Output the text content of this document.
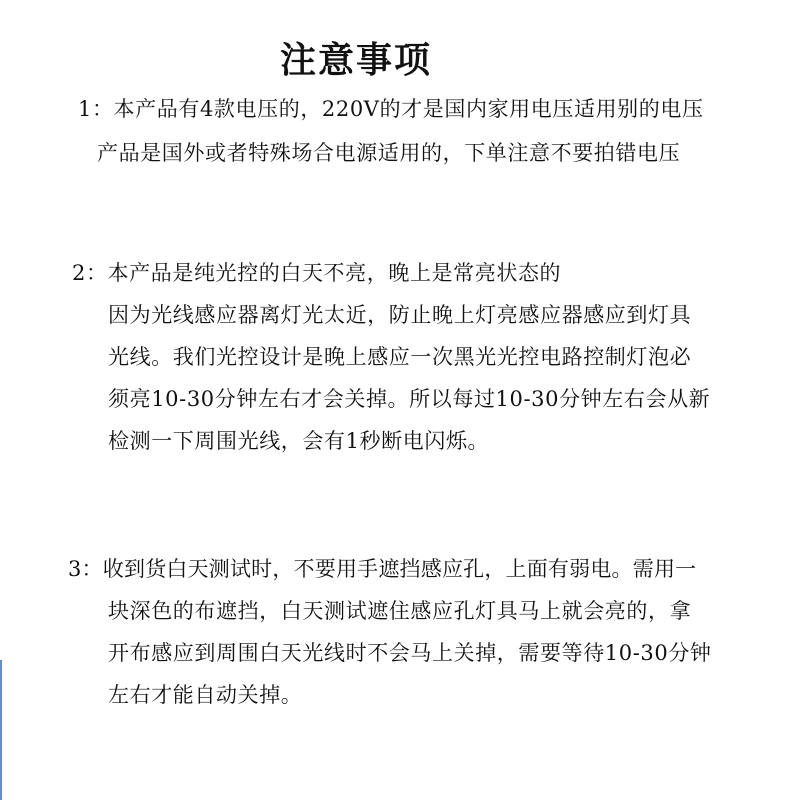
注意事项
1：本产品有4款电压的，220V的才是国内家用电压适用别的电压
产品是国外或者特殊场合电源适用的，下单注意不要拍错电压
2：本产品是纯光控的白天不亮，晚上是常亮状态的
因为光线感应器离灯光太近，防止晚上灯亮感应器感应到灯具
光线。我们光控设计是晚上感应一次黑光光控电路控制灯泡必
须亮10-30分钟左右才会关掉。所以每过10-30分钟左右会从新
检测一下周围光线，会有1秒断电闪烁。
3：收到货白天测试时，不要用手遮挡感应孔，上面有弱电。需用一
块深色的布遮挡，白天测试遮住感应孔灯具马上就会亮的，拿
开布感应到周围白天光线时不会马上关掉，需要等待10-30分钟
左右才能自动关掉。
